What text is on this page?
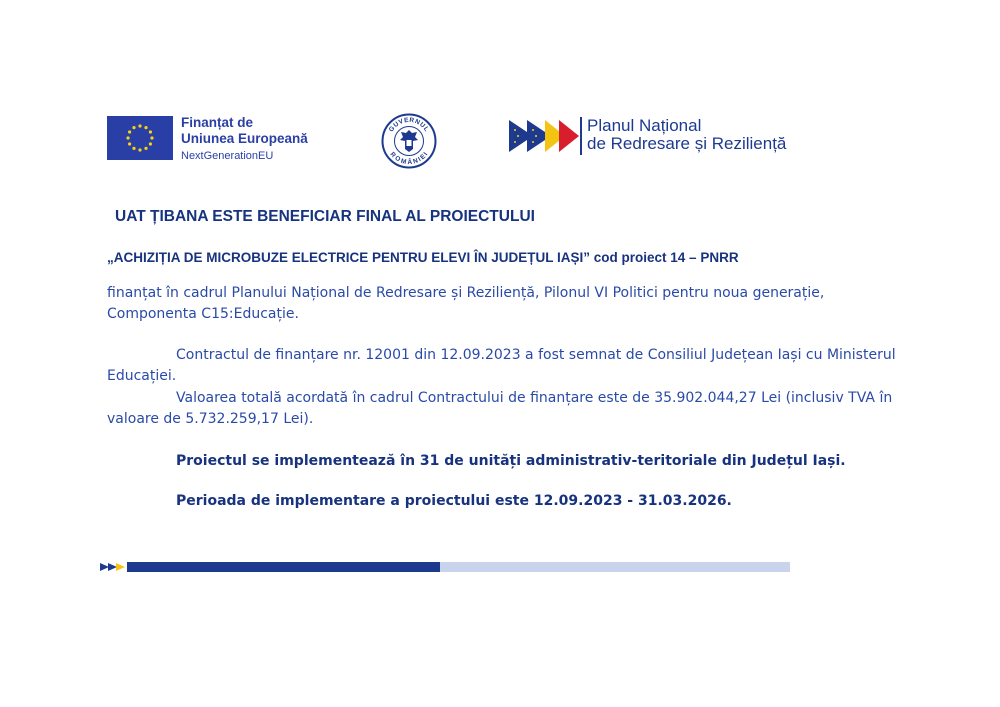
Finanțat de
Uniunea Europeană
NextGenerationEU
GUVERNUL
ROMÂNIEI
Planul Național
de Redresare și Reziliență
UAT ȚIBANA ESTE BENEFICIAR FINAL AL PROIECTULUI
„ACHIZIȚIA DE MICROBUZE ELECTRICE PENTRU ELEVI ÎN JUDEȚUL IAȘI” cod proiect 14 – PNRR
finanțat în cadrul Planului Național de Redresare și Reziliență, Pilonul VI Politici pentru noua generație, Componenta C15:Educație.
Contractul de finanțare nr. 12001 din 12.09.2023 a fost semnat de Consiliul Județean Iași cu Ministerul Educației.
Valoarea totală acordată în cadrul Contractului de finanțare este de 35.902.044,27 Lei (inclusiv TVA în valoare de 5.732.259,17 Lei).
Proiectul se implementează în 31 de unități administrativ-teritoriale din Județul Iași.
Perioada de implementare a proiectului este 12.09.2023 - 31.03.2026.
